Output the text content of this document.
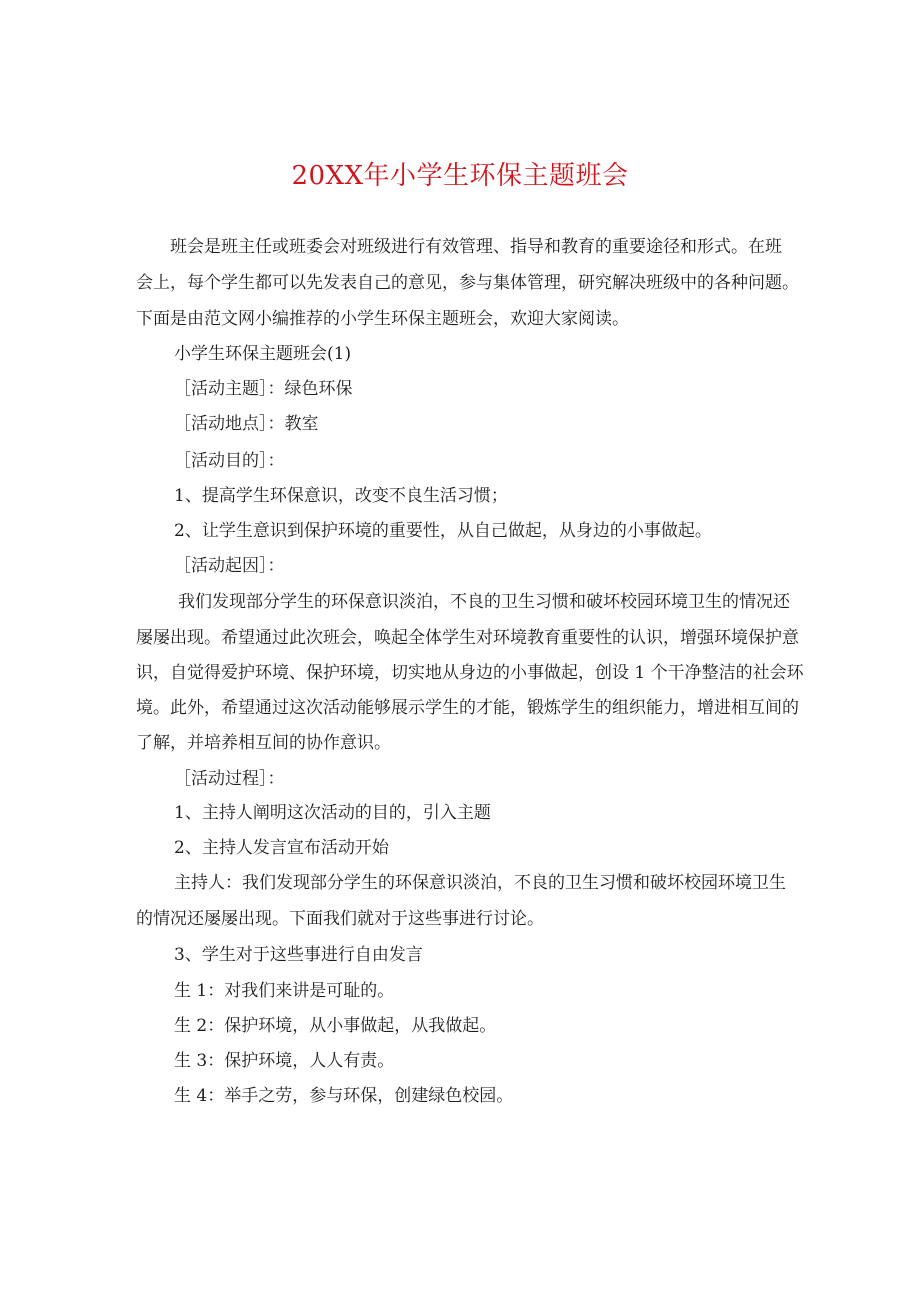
20XX年小学生环保主题班会
班会是班主任或班委会对班级进行有效管理、指导和教育的重要途径和形式。在班
会上，每个学生都可以先发表自己的意见，参与集体管理，研究解决班级中的各种问题。
下面是由范文网小编推荐的小学生环保主题班会，欢迎大家阅读。
小学生环保主题班会(1)
［活动主题］：绿色环保
［活动地点］：教室
［活动目的］：
1、提高学生环保意识，改变不良生活习惯；
2、让学生意识到保护环境的重要性，从自己做起，从身边的小事做起。
［活动起因］：
我们发现部分学生的环保意识淡泊，不良的卫生习惯和破坏校园环境卫生的情况还
屡屡出现。希望通过此次班会，唤起全体学生对环境教育重要性的认识，增强环境保护意
识，自觉得爱护环境、保护环境，切实地从身边的小事做起，创设 1 个干净整洁的社会环
境。此外，希望通过这次活动能够展示学生的才能，锻炼学生的组织能力，增进相互间的
了解，并培养相互间的协作意识。
［活动过程］：
1、主持人阐明这次活动的目的，引入主题
2、主持人发言宣布活动开始
主持人：我们发现部分学生的环保意识淡泊，不良的卫生习惯和破坏校园环境卫生
的情况还屡屡出现。下面我们就对于这些事进行讨论。
3、学生对于这些事进行自由发言
生 1：对我们来讲是可耻的。
生 2：保护环境，从小事做起，从我做起。
生 3：保护环境，人人有责。
生 4：举手之劳，参与环保，创建绿色校园。
